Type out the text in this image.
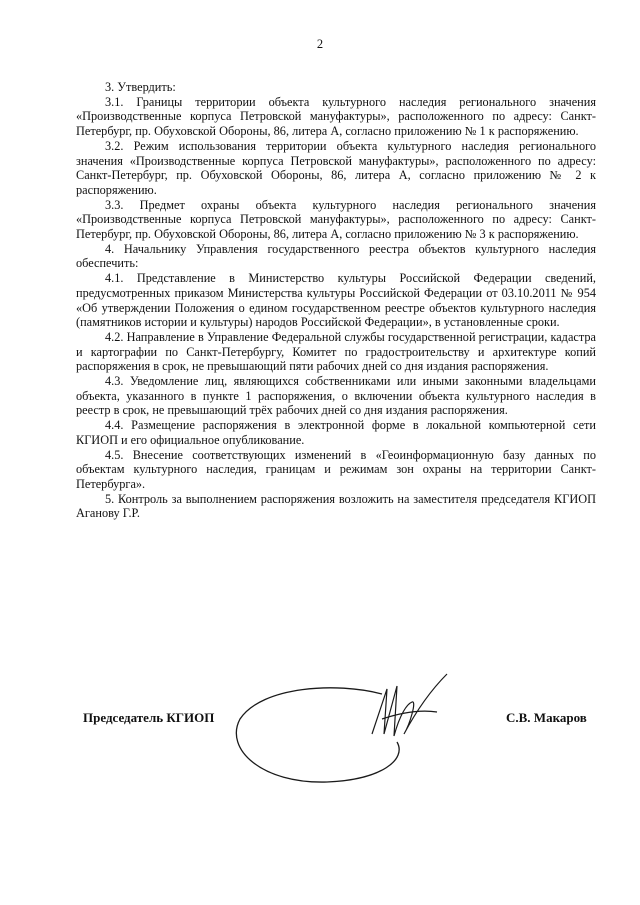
2

3. Утвердить:

3.1. Границы территории объекта культурного наследия регионального значения «Производственные корпуса Петровской мануфактуры», расположенного по адресу: Санкт-Петербург, пр. Обуховской Обороны, 86, литера А, согласно приложению № 1 к распоряжению.

3.2. Режим использования территории объекта культурного наследия регионального значения «Производственные корпуса Петровской мануфактуры», расположенного по адресу: Санкт-Петербург, пр. Обуховской Обороны, 86, литера А, согласно приложению № 2 к распоряжению.

3.3. Предмет охраны объекта культурного наследия регионального значения «Производственные корпуса Петровской мануфактуры», расположенного по адресу: Санкт-Петербург, пр. Обуховской Обороны, 86, литера А, согласно приложению № 3 к распоряжению.

4. Начальнику Управления государственного реестра объектов культурного наследия обеспечить:

4.1. Представление в Министерство культуры Российской Федерации сведений, предусмотренных приказом Министерства культуры Российской Федерации от 03.10.2011 № 954 «Об утверждении Положения о едином государственном реестре объектов культурного наследия (памятников истории и культуры) народов Российской Федерации», в установленные сроки.

4.2. Направление в Управление Федеральной службы государственной регистрации, кадастра и картографии по Санкт-Петербургу, Комитет по градостроительству и архитектуре копий распоряжения в срок, не превышающий пяти рабочих дней со дня издания распоряжения.

4.3. Уведомление лиц, являющихся собственниками или иными законными владельцами объекта, указанного в пункте 1 распоряжения, о включении объекта культурного наследия в реестр в срок, не превышающий трёх рабочих дней со дня издания распоряжения.

4.4. Размещение распоряжения в электронной форме в локальной компьютерной сети КГИОП и его официальное опубликование.

4.5. Внесение соответствующих изменений в «Геоинформационную базу данных по объектам культурного наследия, границам и режимам зон охраны на территории Санкт-Петербурга».

5. Контроль за выполнением распоряжения возложить на заместителя председателя КГИОП Аганову Г.Р.

Председатель КГИОП	С.В. Макаров
